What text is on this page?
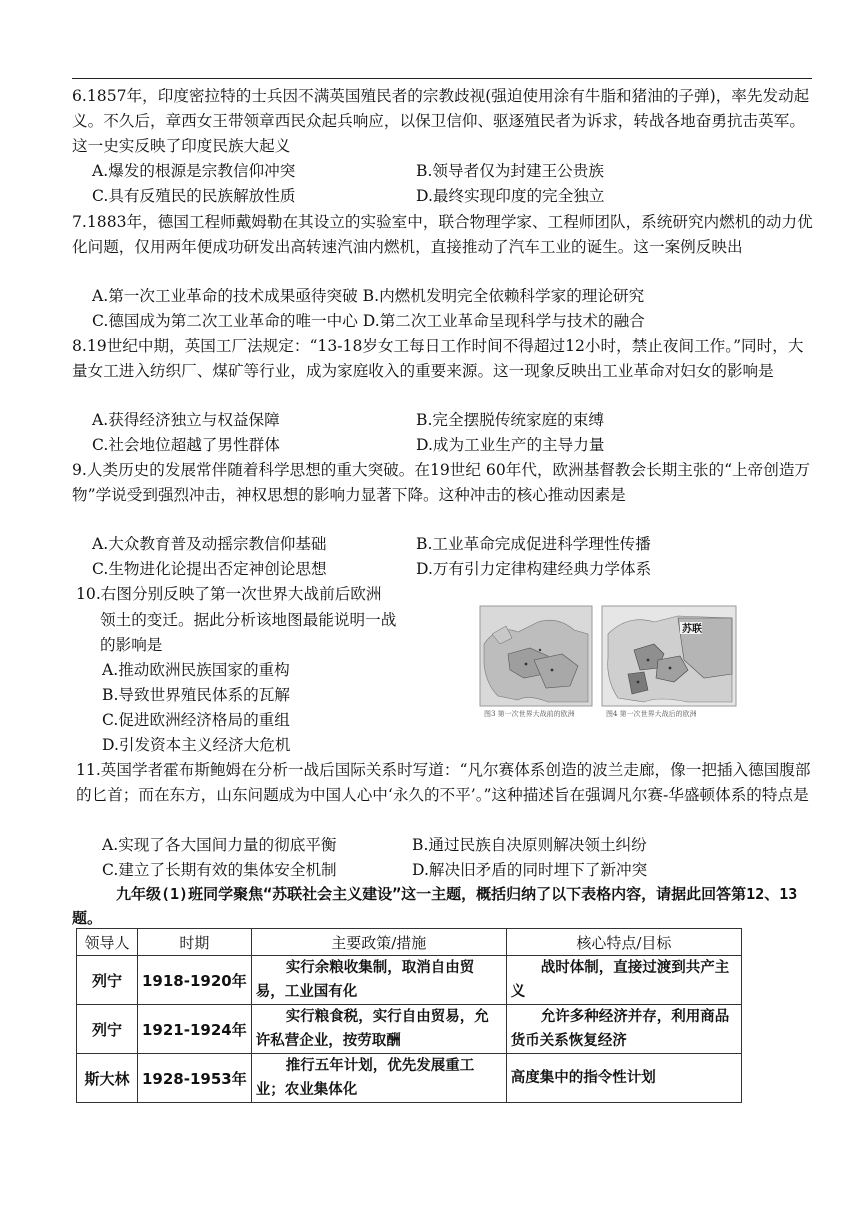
6.1857年，印度密拉特的士兵因不满英国殖民者的宗教歧视(强迫使用涂有牛脂和猪油的子弹)，率先发动起义。不久后，章西女王带领章西民众起兵响应，以保卫信仰、驱逐殖民者为诉求，转战各地奋勇抗击英军。这一史实反映了印度民族大起义

A.爆发的根源是宗教信仰冲突	B.领导者仅为封建王公贵族
C.具有反殖民的民族解放性质	D.最终实现印度的完全独立

7.1883年，德国工程师戴姆勒在其设立的实验室中，联合物理学家、工程师团队，系统研究内燃机的动力优化问题，仅用两年便成功研发出高转速汽油内燃机，直接推动了汽车工业的诞生。这一案例反映出

A.第一次工业革命的技术成果亟待突破 B.内燃机发明完全依赖科学家的理论研究
C.德国成为第二次工业革命的唯一中心 D.第二次工业革命呈现科学与技术的融合

8.19世纪中期，英国工厂法规定：“13-18岁女工每日工作时间不得超过12小时，禁止夜间工作。”同时，大量女工进入纺织厂、煤矿等行业，成为家庭收入的重要来源。这一现象反映出工业革命对妇女的影响是

A.获得经济独立与权益保障	B.完全摆脱传统家庭的束缚
C.社会地位超越了男性群体	D.成为工业生产的主导力量

9.人类历史的发展常伴随着科学思想的重大突破。在19世纪 60年代，欧洲基督教会长期主张的“上帝创造万物”学说受到强烈冲击，神权思想的影响力显著下降。这种冲击的核心推动因素是

A.大众教育普及动摇宗教信仰基础	B.工业革命完成促进科学理性传播
C.生物进化论提出否定神创论思想	D.万有引力定律构建经典力学体系
10.右图分别反映了第一次世界大战前后欧洲
领土的变迁。据此分析该地图最能说明一战
的影响是
A.推动欧洲民族国家的重构
B.导致世界殖民体系的瓦解
C.促进欧洲经济格局的重组
D.引发资本主义经济大危机
图3 第一次世界大战前的欧洲
苏联
图4 第一次世界大战后的欧洲

11.英国学者霍布斯鲍姆在分析一战后国际关系时写道：“凡尔赛体系创造的波兰走廊，像一把插入德国腹部的匕首；而在东方，山东问题成为中国人心中‘永久的不平’。”这种描述旨在强调凡尔赛-华盛顿体系的特点是

A.实现了各大国间力量的彻底平衡	B.通过民族自决原则解决领土纠纷
C.建立了长期有效的集体安全机制	D.解决旧矛盾的同时埋下了新冲突
九年级(1)班同学聚焦“苏联社会主义建设”这一主题，概括归纳了以下表格内容，请据此回答第12、13题。
领导人	时期	主要政策/措施	核心特点/目标
列宁	1918-1920年	实行余粮收集制，取消自由贸易，工业国有化	战时体制，直接过渡到共产主义
列宁	1921-1924年	实行粮食税，实行自由贸易，允许私营企业，按劳取酬	允许多种经济并存，利用商品货币关系恢复经济
斯大林	1928-1953年	推行五年计划，优先发展重工业；农业集体化	高度集中的指令性计划
